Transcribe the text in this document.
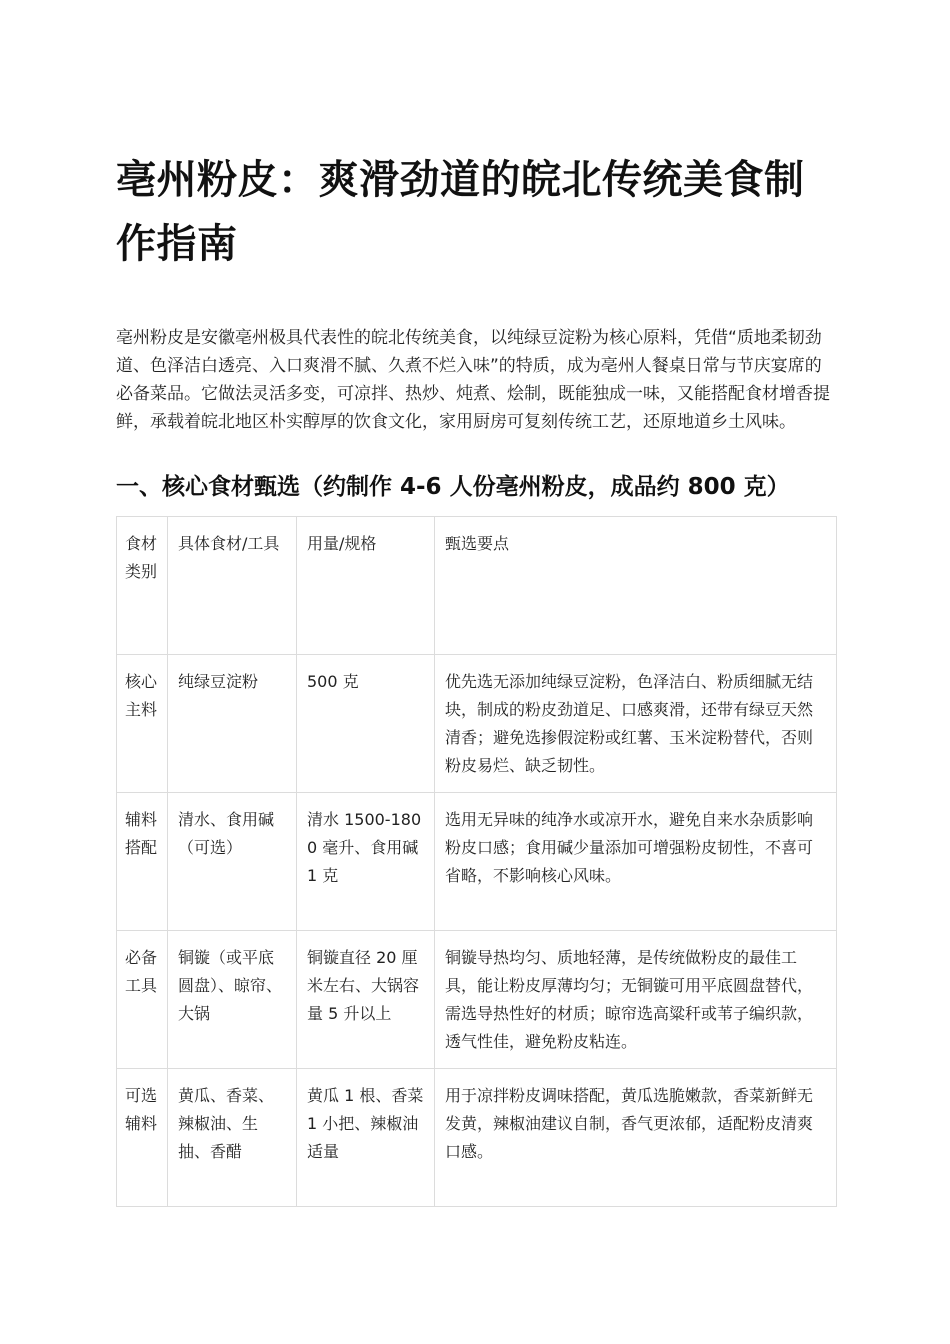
亳州粉皮：爽滑劲道的皖北传统美食制作指南

亳州粉皮是安徽亳州极具代表性的皖北传统美食，以纯绿豆淀粉为核心原料，凭借“质地柔韧劲道、色泽洁白透亮、入口爽滑不腻、久煮不烂入味”的特质，成为亳州人餐桌日常与节庆宴席的必备菜品。它做法灵活多变，可凉拌、热炒、炖煮、烩制，既能独成一味，又能搭配食材增香提鲜，承载着皖北地区朴实醇厚的饮食文化，家用厨房可复刻传统工艺，还原地道乡土风味。

一、核心食材甄选（约制作 4-6 人份亳州粉皮，成品约 800 克）
食材类别	具体食材/工具	用量/规格	甄选要点
核心主料	纯绿豆淀粉	500 克	优先选无添加纯绿豆淀粉，色泽洁白、粉质细腻无结块，制成的粉皮劲道足、口感爽滑，还带有绿豆天然清香；避免选掺假淀粉或红薯、玉米淀粉替代，否则粉皮易烂、缺乏韧性。
辅料搭配	清水、食用碱（可选）	清水 1500-1800 毫升、食用碱 1 克	选用无异味的纯净水或凉开水，避免自来水杂质影响粉皮口感；食用碱少量添加可增强粉皮韧性，不喜可省略，不影响核心风味。
必备工具	铜镟（或平底圆盘）、晾帘、大锅	铜镟直径 20 厘米左右、大锅容量 5 升以上	铜镟导热均匀、质地轻薄，是传统做粉皮的最佳工具，能让粉皮厚薄均匀；无铜镟可用平底圆盘替代，需选导热性好的材质；晾帘选高粱秆或苇子编织款，透气性佳，避免粉皮粘连。
可选辅料	黄瓜、香菜、辣椒油、生抽、香醋	黄瓜 1 根、香菜 1 小把、辣椒油适量	用于凉拌粉皮调味搭配，黄瓜选脆嫩款，香菜新鲜无发黄，辣椒油建议自制，香气更浓郁，适配粉皮清爽口感。
